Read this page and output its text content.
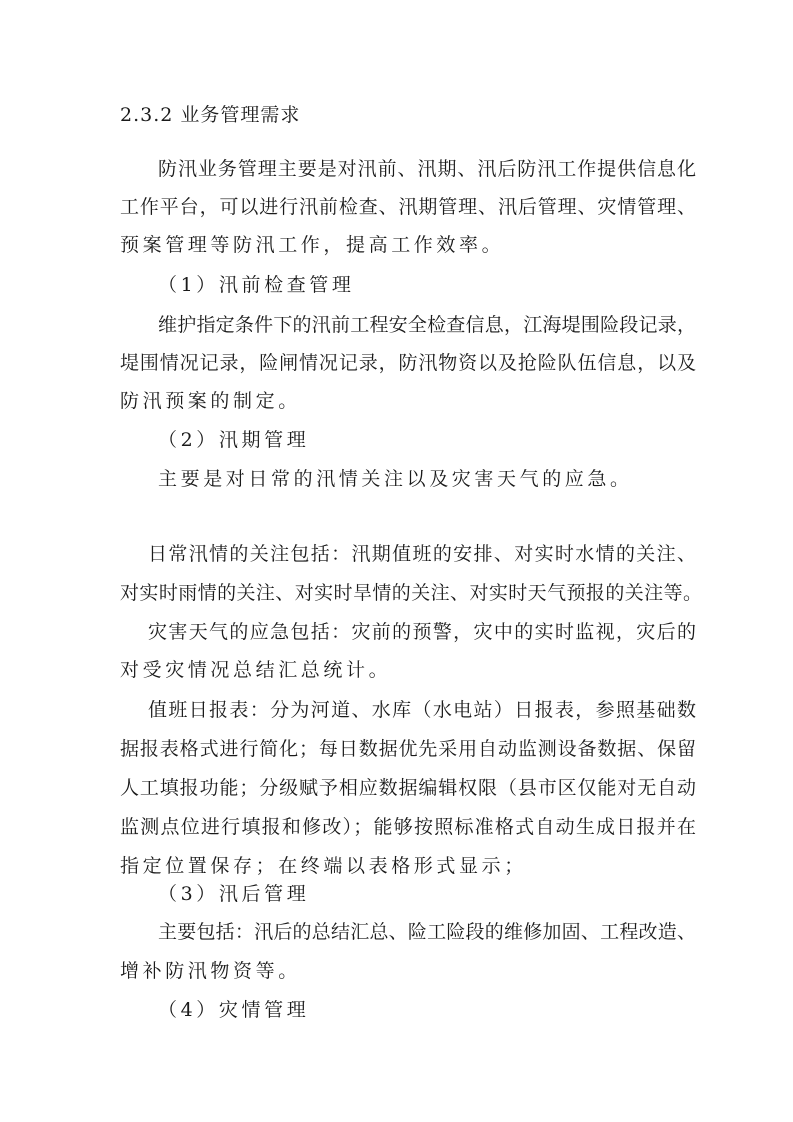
2.3.2 业务管理需求
防汛业务管理主要是对汛前、汛期、汛后防汛工作提供信息化
工作平台，可以进行汛前检查、汛期管理、汛后管理、灾情管理、
预案管理等防汛工作，提高工作效率。
（1）汛前检查管理
维护指定条件下的汛前工程安全检查信息，江海堤围险段记录，
堤围情况记录，险闸情况记录，防汛物资以及抢险队伍信息，以及
防汛预案的制定。
（2）汛期管理
主要是对日常的汛情关注以及灾害天气的应急。
日常汛情的关注包括：汛期值班的安排、对实时水情的关注、
对实时雨情的关注、对实时旱情的关注、对实时天气预报的关注等。
灾害天气的应急包括：灾前的预警，灾中的实时监视，灾后的
对受灾情况总结汇总统计。
值班日报表：分为河道、水库（水电站）日报表，参照基础数
据报表格式进行简化；每日数据优先采用自动监测设备数据、保留
人工填报功能；分级赋予相应数据编辑权限（县市区仅能对无自动
监测点位进行填报和修改）；能够按照标准格式自动生成日报并在
指定位置保存；在终端以表格形式显示；
（3）汛后管理
主要包括：汛后的总结汇总、险工险段的维修加固、工程改造、
增补防汛物资等。
（4）灾情管理
